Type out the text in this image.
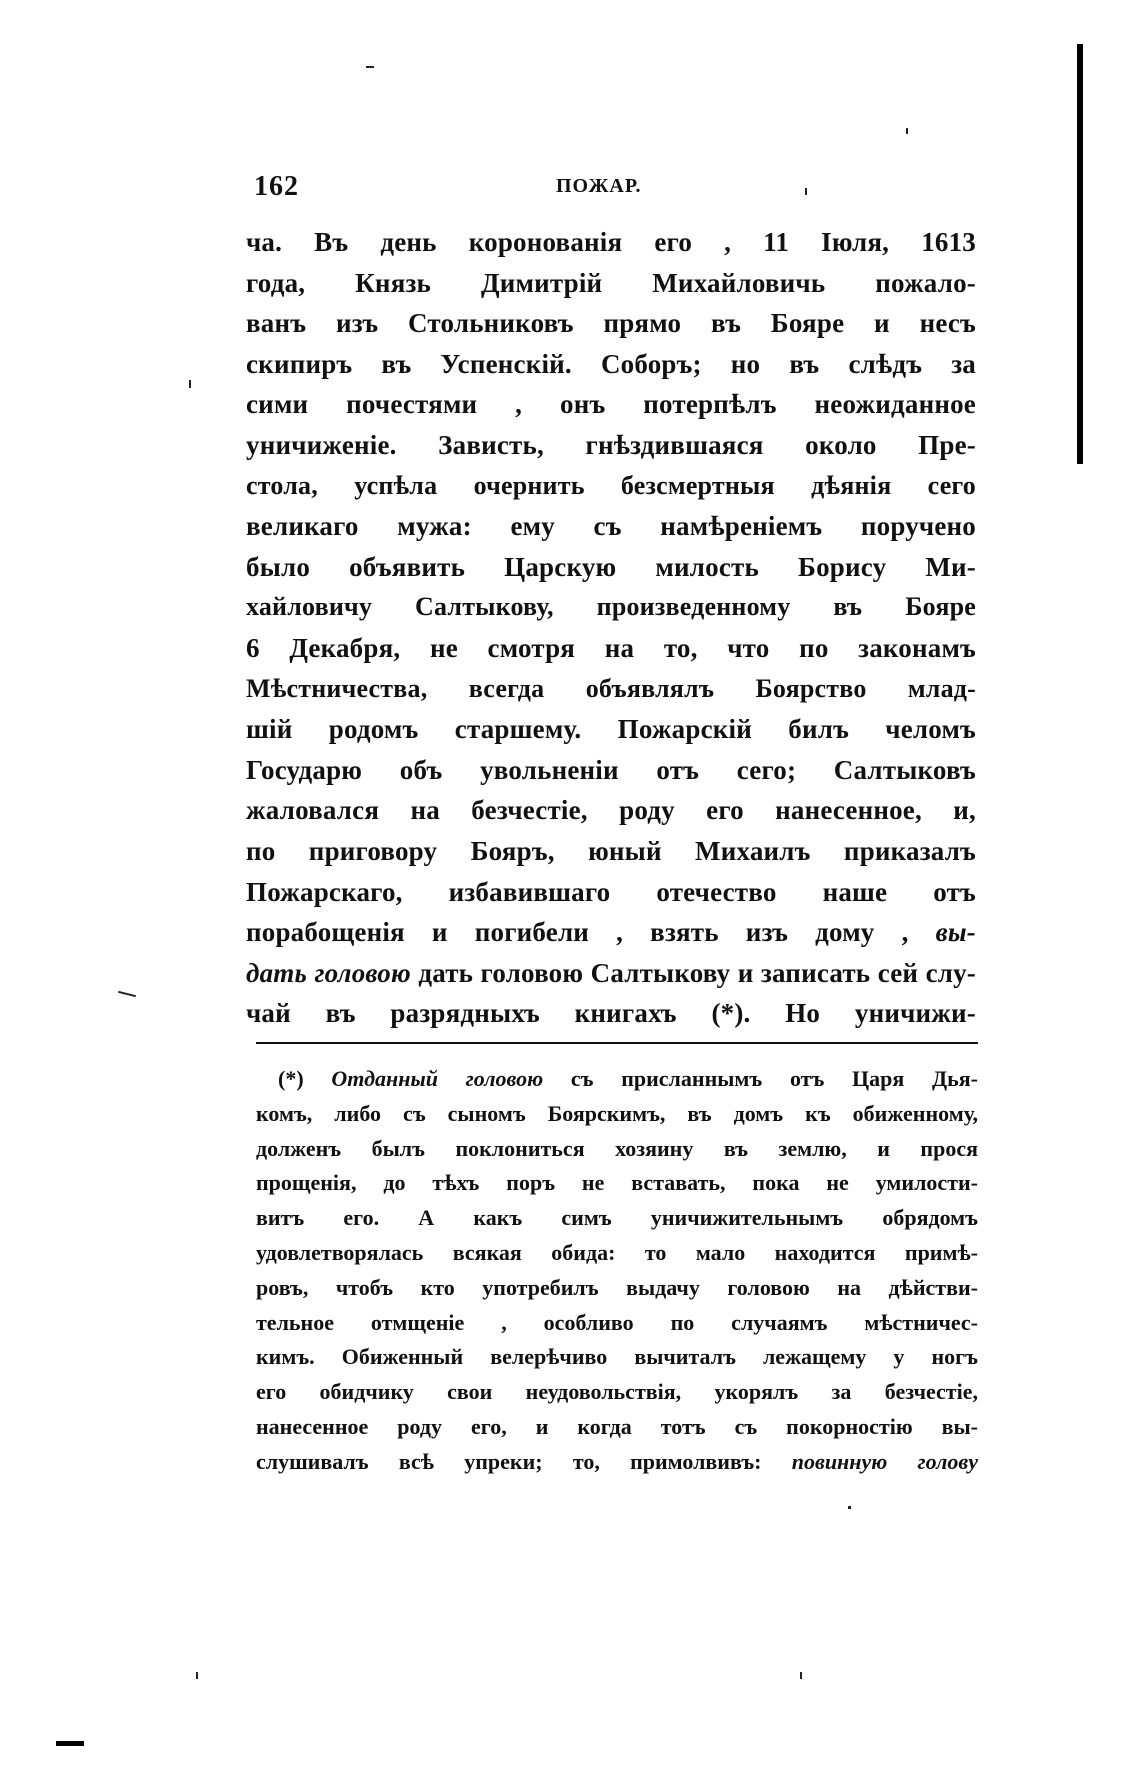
162	ПОЖАР.
ча. Въ день коронованія его , 11 Іюля, 1613
года, Князь Димитрій Михайловичь пожало-
ванъ изъ Стольниковъ прямо въ Бояре и несъ
скипиръ въ Успенскій. Соборъ; но въ слѣдъ за
сими почестями , онъ потерпѣлъ неожиданное
уничиженіе. Зависть, гнѣздившаяся около Пре-
стола, успѣла очернить безсмертныя дѣянія сего
великаго мужа: ему съ намѣреніемъ поручено
было объявить Царскую милость Борису Ми-
хайловичу Салтыкову, произведенному въ Бояре
6 Декабря, не смотря на то, что по законамъ
Мѣстничества, всегда объявлялъ Боярство млад-
шій родомъ старшему. Пожарскій билъ челомъ
Государю объ увольненіи отъ сего; Салтыковъ
жаловался на безчестіе, роду его нанесенное, и,
по приговору Бояръ, юный Михаилъ приказалъ
Пожарскаго, избавившаго отечество наше отъ
порабощенія и погибели , взять изъ дому , вы-
дать головою дать головою Салтыкову и записать сей слу-
чай въ разрядныхъ книгахъ (*). Но уничижи-
(*) Отданный головою съ присланнымъ отъ Царя Дья-
комъ, либо съ сыномъ Боярскимъ, въ домъ къ обиженному,
долженъ былъ поклониться хозяину въ землю, и прося
прощенія, до тѣхъ поръ не вставать, пока не умилости-
витъ его. А какъ симъ уничижительнымъ обрядомъ
удовлетворялась всякая обида: то мало находится примѣ-
ровъ, чтобъ кто употребилъ выдачу головою на дѣйстви-
тельное отмщеніе , особливо по случаямъ мѣстничес-
кимъ. Обиженный велерѣчиво вычиталъ лежащему у ногъ
его обидчику свои неудовольствія, укорялъ за безчестіе,
нанесенное роду его, и когда тотъ съ покорностію вы-
слушивалъ всѣ упреки; то, примолвивъ: повинную голову
